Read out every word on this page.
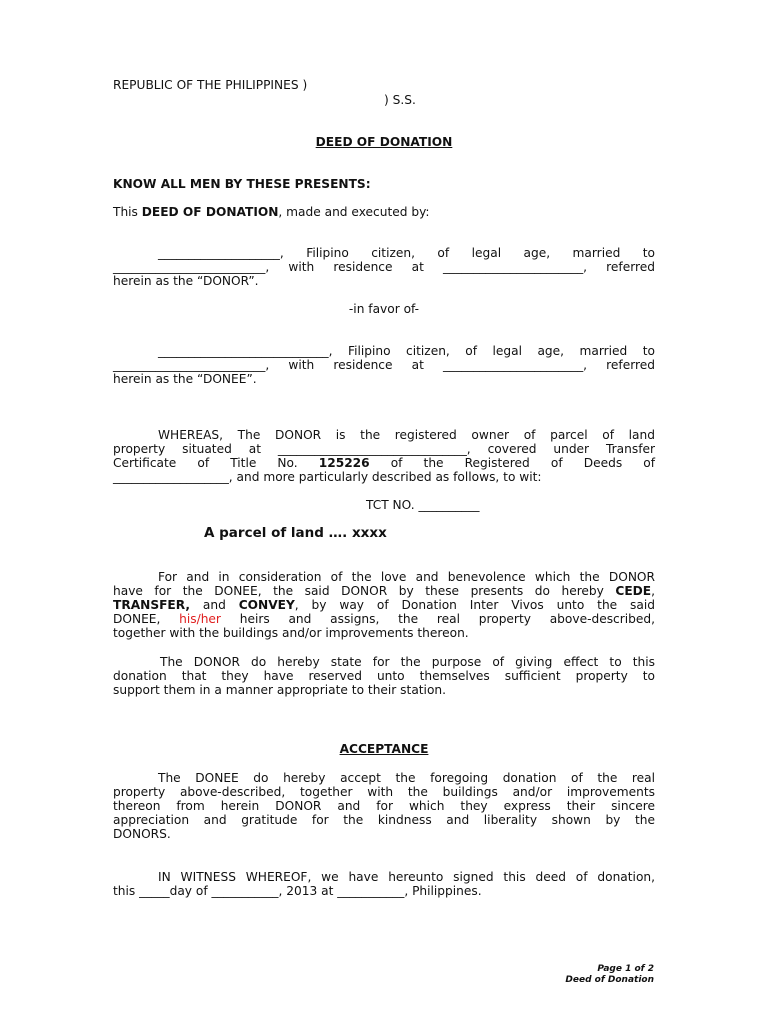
REPUBLIC OF THE PHILIPPINES )
) S.S.
DEED OF DONATION
KNOW ALL MEN BY THESE PRESENTS:
This DEED OF DONATION, made and executed by:
____________________, Filipino citizen, of legal age, married to
_________________________, with residence at _______________________, referred
herein as the “DONOR”.
-in favor of-
____________________________, Filipino citizen, of legal age, married to
_________________________, with residence at _______________________, referred
herein as the “DONEE”.
WHEREAS, The DONOR is the registered owner of parcel of land
property situated at _______________________________, covered under Transfer
Certificate of Title No. 125226 of the Registered of Deeds of
___________________, and more particularly described as follows, to wit:
TCT NO. __________
A parcel of land …. xxxx
For and in consideration of the love and benevolence which the DONOR
have for the DONEE, the said DONOR by these presents do hereby CEDE,
TRANSFER, and CONVEY, by way of Donation Inter Vivos unto the said
DONEE, his/her heirs and assigns, the real property above-described,
together with the buildings and/or improvements thereon.
The DONOR do hereby state for the purpose of giving effect to this
donation that they have reserved unto themselves sufficient property to
support them in a manner appropriate to their station.
ACCEPTANCE
The DONEE do hereby accept the foregoing donation of the real
property above-described, together with the buildings and/or improvements
thereon from herein DONOR and for which they express their sincere
appreciation and gratitude for the kindness and liberality shown by the
DONORS.
IN WITNESS WHEREOF, we have hereunto signed this deed of donation,
this _____day of ___________, 2013 at ___________, Philippines.
Page 1 of 2
Deed of Donation
